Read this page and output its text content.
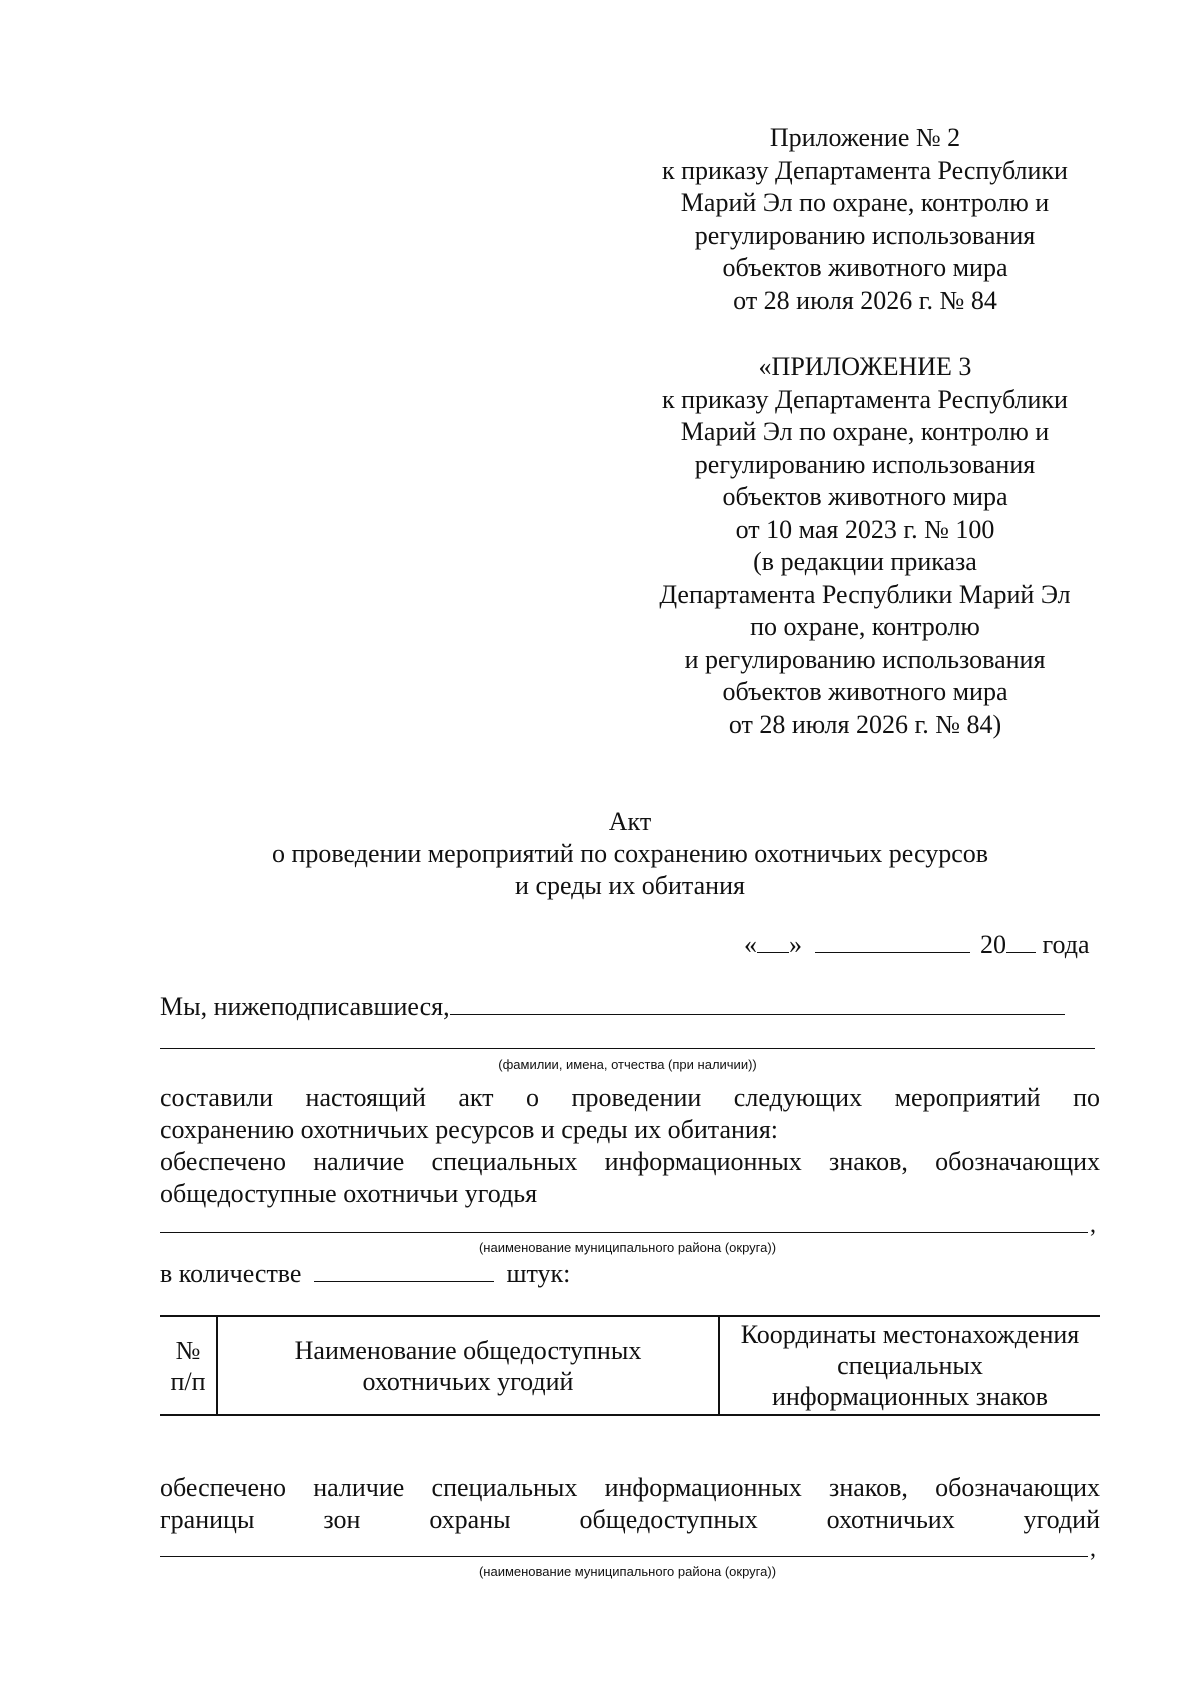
Приложение № 2
к приказу Департамента Республики
Марий Эл по охране, контролю и
регулированию использования
объектов животного мира
от 28 июля 2026 г. № 84
«ПРИЛОЖЕНИЕ 3
к приказу Департамента Республики
Марий Эл по охране, контролю и
регулированию использования
объектов животного мира
от 10 мая 2023 г. № 100
(в редакции приказа
Департамента Республики Марий Эл
по охране, контролю
и регулированию использования
объектов животного мира
от 28 июля 2026 г. № 84)
Акт
о проведении мероприятий по сохранению охотничьих ресурсов
и среды их обитания
« »	20 года
Мы, нижеподписавшиеся,
(фамилии, имена, отчества (при наличии))
составили настоящий акт о проведении следующих мероприятий по
сохранению охотничьих ресурсов и среды их обитания:
обеспечено наличие специальных информационных знаков, обозначающих
общедоступные охотничьи угодья
,
(наименование муниципального района (округа))
в количестве	штук:
№
п/п
	Наименование общедоступных охотничьих угодий	Координаты местонахождения специальных информационных знаков
обеспечено наличие специальных информационных знаков, обозначающих
границы зон охраны общедоступных охотничьих угодий
,
(наименование муниципального района (округа))
